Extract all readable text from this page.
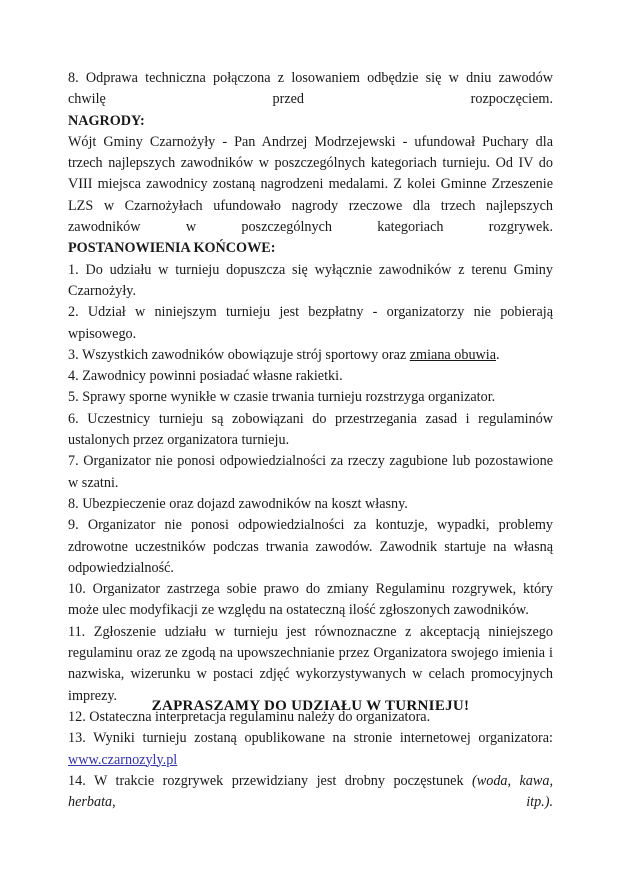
8. Odprawa techniczna połączona z losowaniem odbędzie się w dniu zawodów chwilę przed rozpoczęciem.

NAGRODY:

Wójt Gminy Czarnożyły - Pan Andrzej Modrzejewski - ufundował Puchary dla trzech najlepszych zawodników w poszczególnych kategoriach turnieju. Od IV do VIII miejsca zawodnicy zostaną nagrodzeni medalami. Z kolei Gminne Zrzeszenie LZS w Czarnożyłach ufundowało nagrody rzeczowe dla trzech najlepszych zawodników w poszczególnych kategoriach rozgrywek.

POSTANOWIENIA KOŃCOWE:

1. Do udziału w turnieju dopuszcza się wyłącznie zawodników z terenu Gminy Czarnożyły.

2. Udział w niniejszym turnieju jest bezpłatny - organizatorzy nie pobierają wpisowego.

3. Wszystkich zawodników obowiązuje strój sportowy oraz zmiana obuwia.

4. Zawodnicy powinni posiadać własne rakietki.

5. Sprawy sporne wynikłe w czasie trwania turnieju rozstrzyga organizator.

6. Uczestnicy turnieju są zobowiązani do przestrzegania zasad i regulaminów ustalonych przez organizatora turnieju.

7. Organizator nie ponosi odpowiedzialności za rzeczy zagubione lub pozostawione w szatni.

8. Ubezpieczenie oraz dojazd zawodników na koszt własny.

9. Organizator nie ponosi odpowiedzialności za kontuzje, wypadki, problemy zdrowotne uczestników podczas trwania zawodów. Zawodnik startuje na własną odpowiedzialność.

10. Organizator zastrzega sobie prawo do zmiany Regulaminu rozgrywek, który może ulec modyfikacji ze względu na ostateczną ilość zgłoszonych zawodników.

11. Zgłoszenie udziału w turnieju jest równoznaczne z akceptacją niniejszego regulaminu oraz ze zgodą na upowszechnianie przez Organizatora swojego imienia i nazwiska, wizerunku w postaci zdjęć wykorzystywanych w celach promocyjnych imprezy.

12. Ostateczna interpretacja regulaminu należy do organizatora.

13. Wyniki turnieju zostaną opublikowane na stronie internetowej organizatora:

www.czarnozyly.pl

14. W trakcie rozgrywek przewidziany jest drobny poczęstunek (woda, kawa, herbata, itp.).

ZAPRASZAMY DO UDZIAŁU W TURNIEJU!
